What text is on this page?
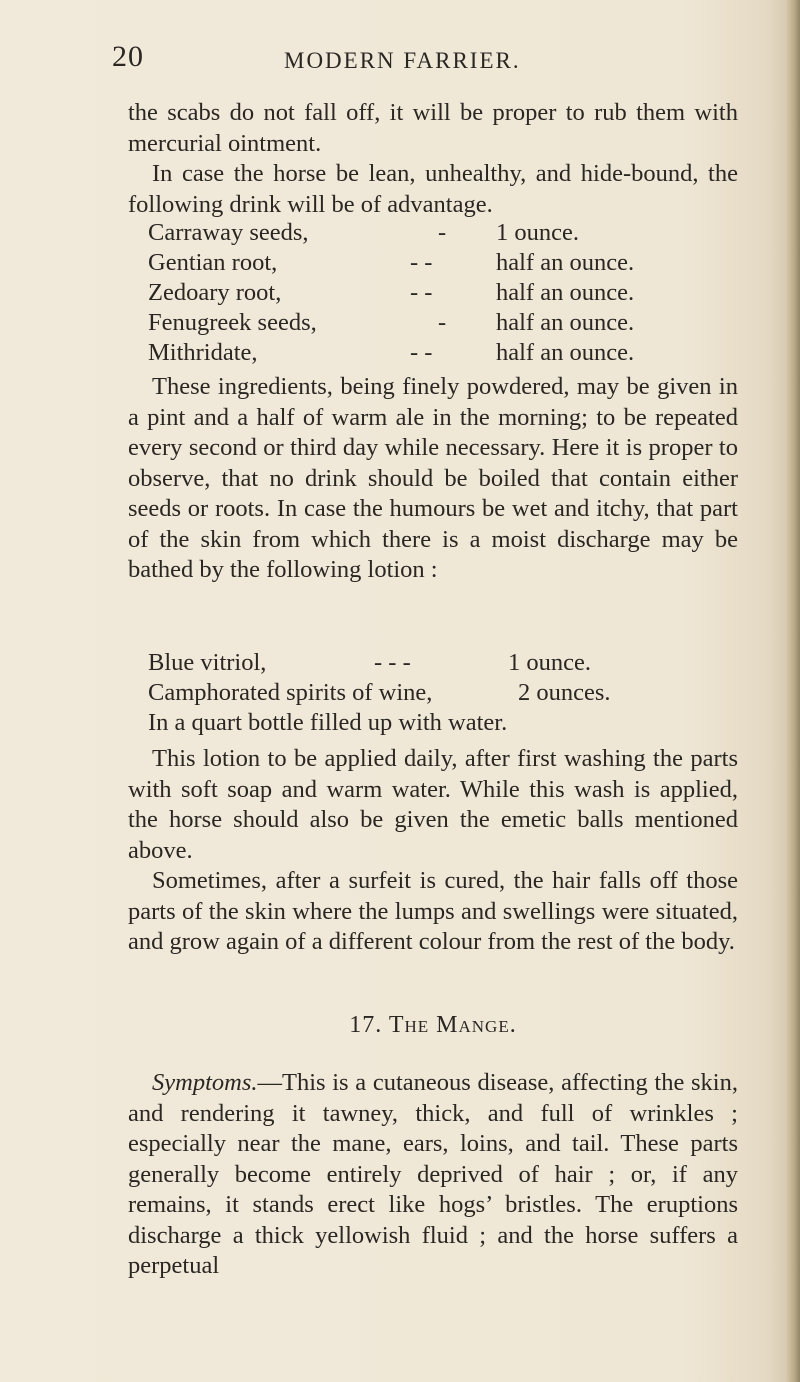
20	MODERN FARRIER.

the scabs do not fall off, it will be proper to rub them with mercurial ointment.

In case the horse be lean, unhealthy, and hide-bound, the following drink will be of advantage.

Carraway seeds,	- 1 ounce.
Gentian root,	- -	half an ounce.
Zedoary root,	- -	half an ounce.
Fenugreek seeds,	- half an ounce.
Mithridate,	- -	half an ounce.

These ingredients, being finely powdered, may be given in a pint and a half of warm ale in the morning; to be repeated every second or third day while necessary. Here it is proper to observe, that no drink should be boiled that contain either seeds or roots. In case the humours be wet and itchy, that part of the skin from which there is a moist discharge may be bathed by the following lotion :

Blue vitriol,	- - -	1 ounce.
Camphorated spirits of wine,	2 ounces.
In a quart bottle filled up with water.

This lotion to be applied daily, after first washing the parts with soft soap and warm water. While this wash is applied, the horse should also be given the emetic balls mentioned above.

Sometimes, after a surfeit is cured, the hair falls off those parts of the skin where the lumps and swellings were situated, and grow again of a different colour from the rest of the body.

17. The Mange.

Symptoms.—This is a cutaneous disease, affecting the skin, and rendering it tawney, thick, and full of wrinkles ; especially near the mane, ears, loins, and tail. These parts generally become entirely deprived of hair ; or, if any remains, it stands erect like hogs’ bristles. The eruptions discharge a thick yellowish fluid ; and the horse suffers a perpetual
